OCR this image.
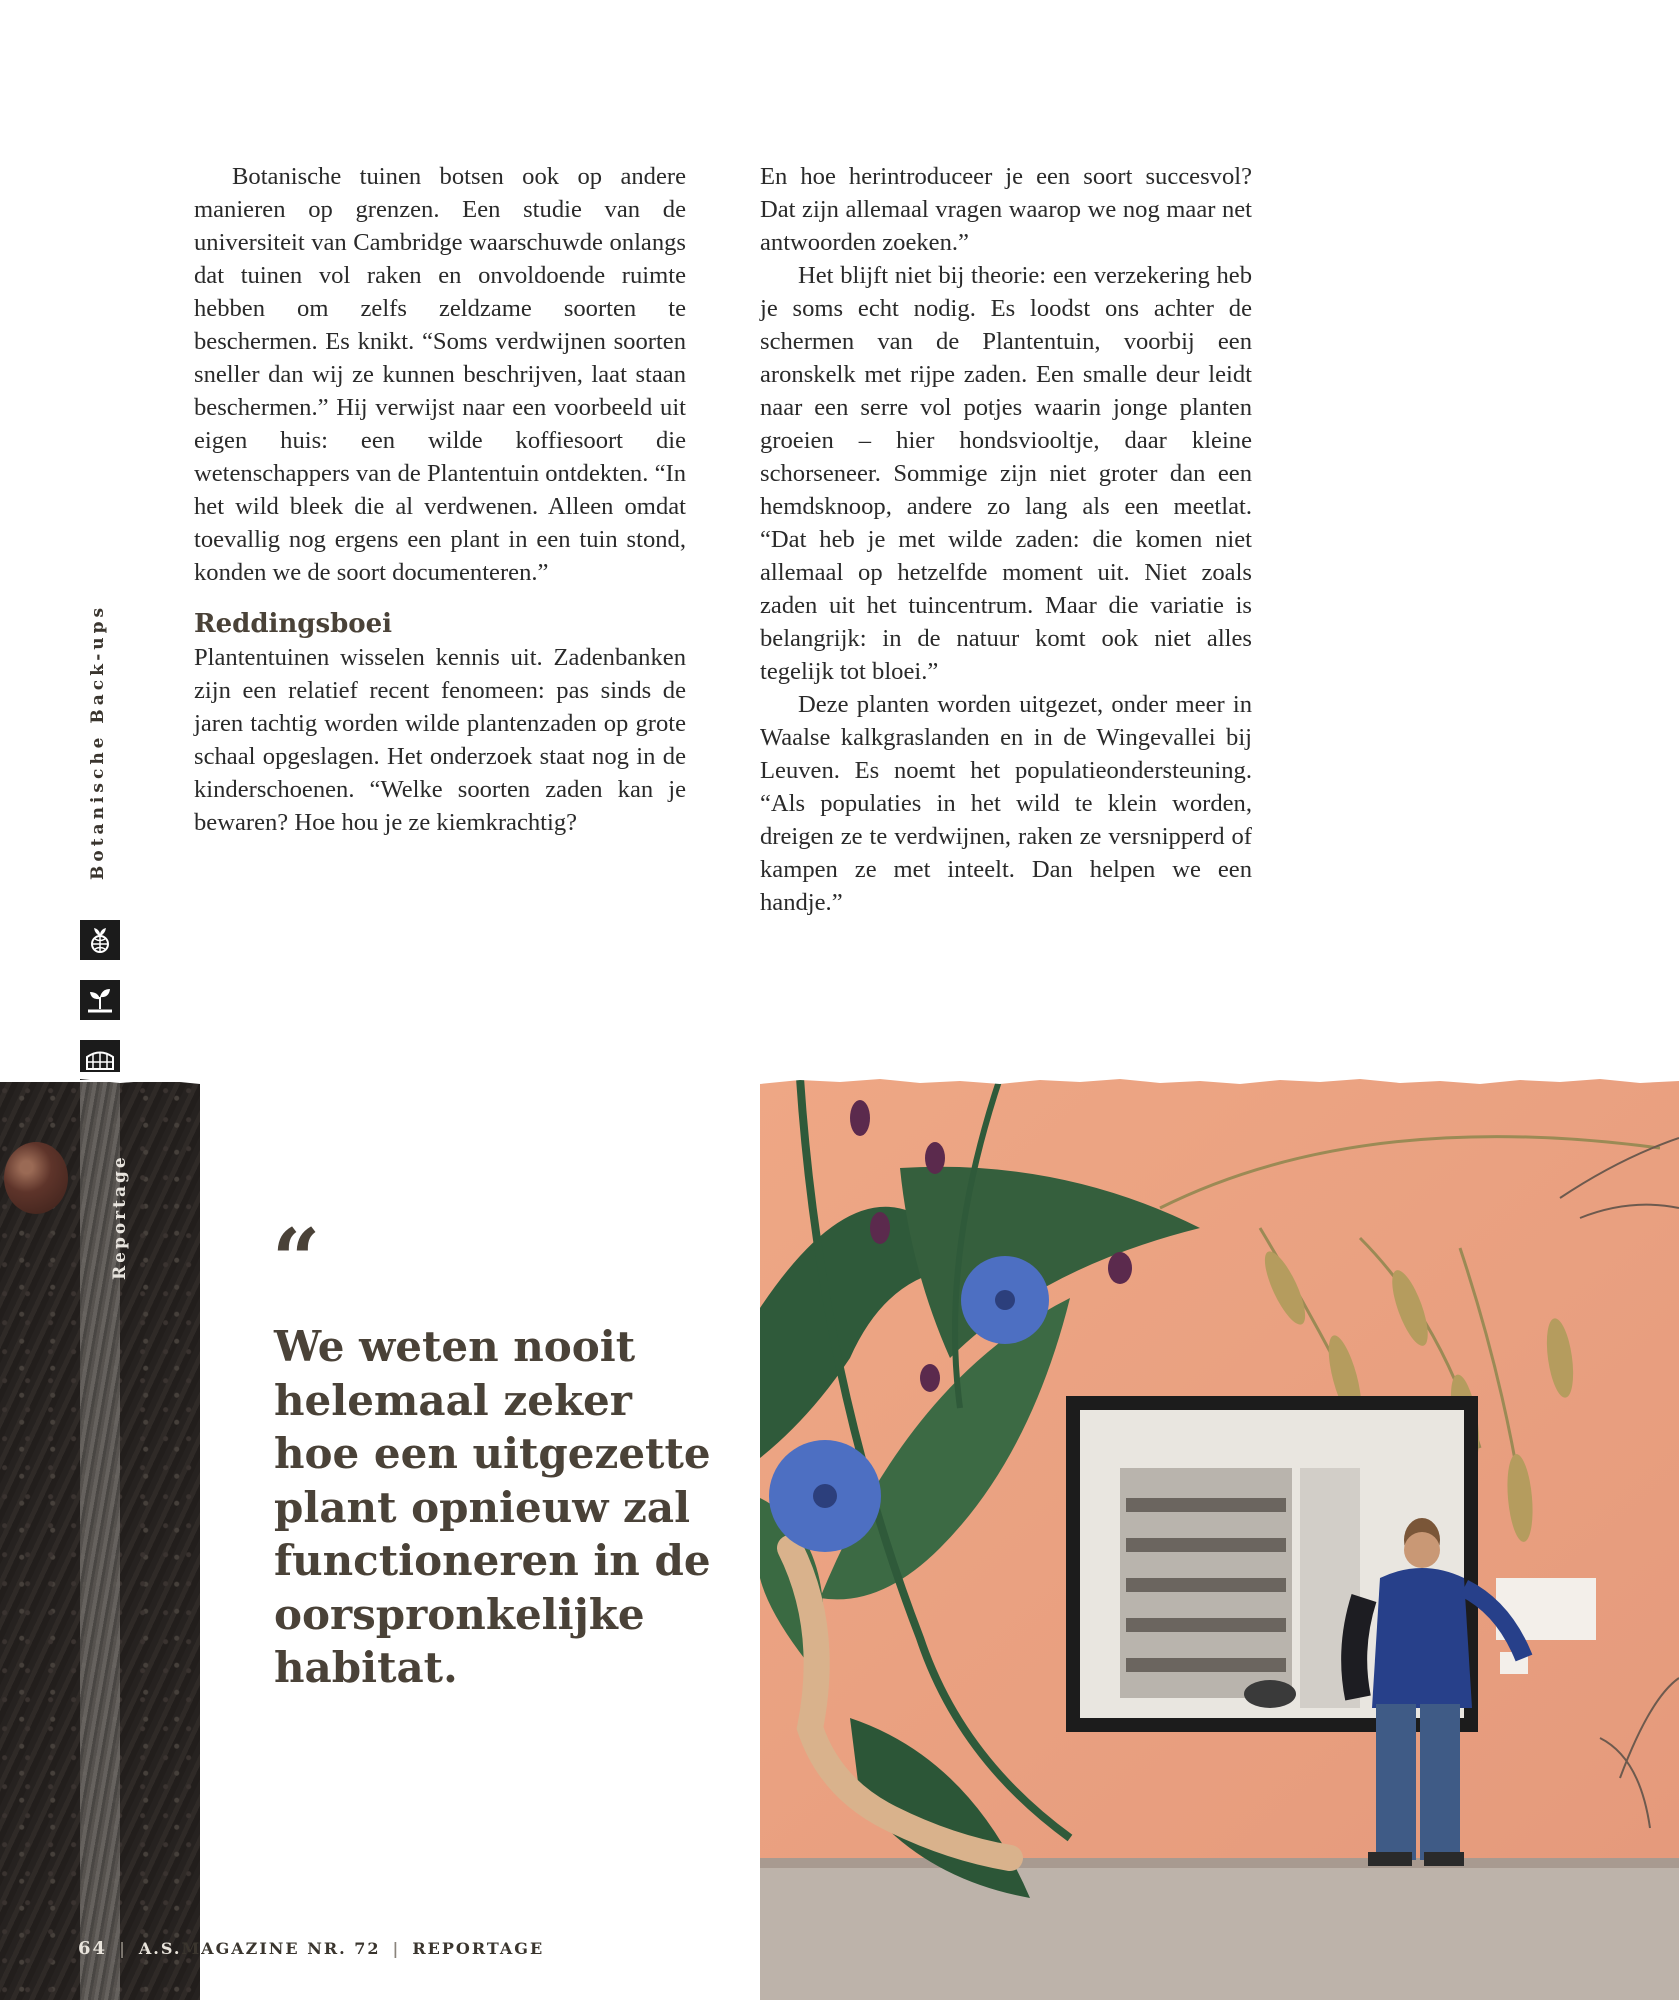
Botanische tuinen botsen ook op andere manieren op grenzen. Een studie van de universiteit van Cambridge waarschuwde onlangs dat tuinen vol raken en onvoldoende ruimte hebben om zelfs zeldzame soorten te beschermen. Es knikt. “Soms verdwijnen soorten sneller dan wij ze kunnen beschrijven, laat staan beschermen.” Hij verwijst naar een voorbeeld uit eigen huis: een wilde koffiesoort die wetenschappers van de Plantentuin ontdekten. “In het wild bleek die al verdwenen. Alleen omdat toevallig nog ergens een plant in een tuin stond, konden we de soort documenteren.”

Reddingsboei

Plantentuinen wisselen kennis uit. Zadenbanken zijn een relatief recent fenomeen: pas sinds de jaren tachtig worden wilde plantenzaden op grote schaal opgeslagen. Het onderzoek staat nog in de kinderschoenen. “Welke soorten zaden kan je bewaren? Hoe hou je ze kiemkrachtig?

En hoe herintroduceer je een soort succesvol? Dat zijn allemaal vragen waarop we nog maar net antwoorden zoeken.”

Het blijft niet bij theorie: een verzekering heb je soms echt nodig. Es loodst ons achter de schermen van de Plantentuin, voorbij een aronskelk met rijpe zaden. Een smalle deur leidt naar een serre vol potjes waarin jonge planten groeien – hier hondsviooltje, daar kleine schorseneer. Sommige zijn niet groter dan een hemdsknoop, andere zo lang als een meetlat. “Dat heb je met wilde zaden: die komen niet allemaal op hetzelfde moment uit. Niet zoals zaden uit het tuincentrum. Maar die variatie is belangrijk: in de natuur komt ook niet alles tegelijk tot bloei.”

Deze planten worden uitgezet, onder meer in Waalse kalkgraslanden en in de Wingevallei bij Leuven. Es noemt het populatieondersteuning. “Als populaties in het wild te klein worden, dreigen ze te verdwijnen, raken ze versnipperd of kampen ze met inteelt. Dan helpen we een handje.”

Botanische Back-ups
Reportage “

We weten nooit helemaal zeker hoe een uitgezette plant opnieuw zal functioneren in de oorspronkelijke habitat.

64 | A.S.MAGAZINE NR. 72 | REPORTAGE
